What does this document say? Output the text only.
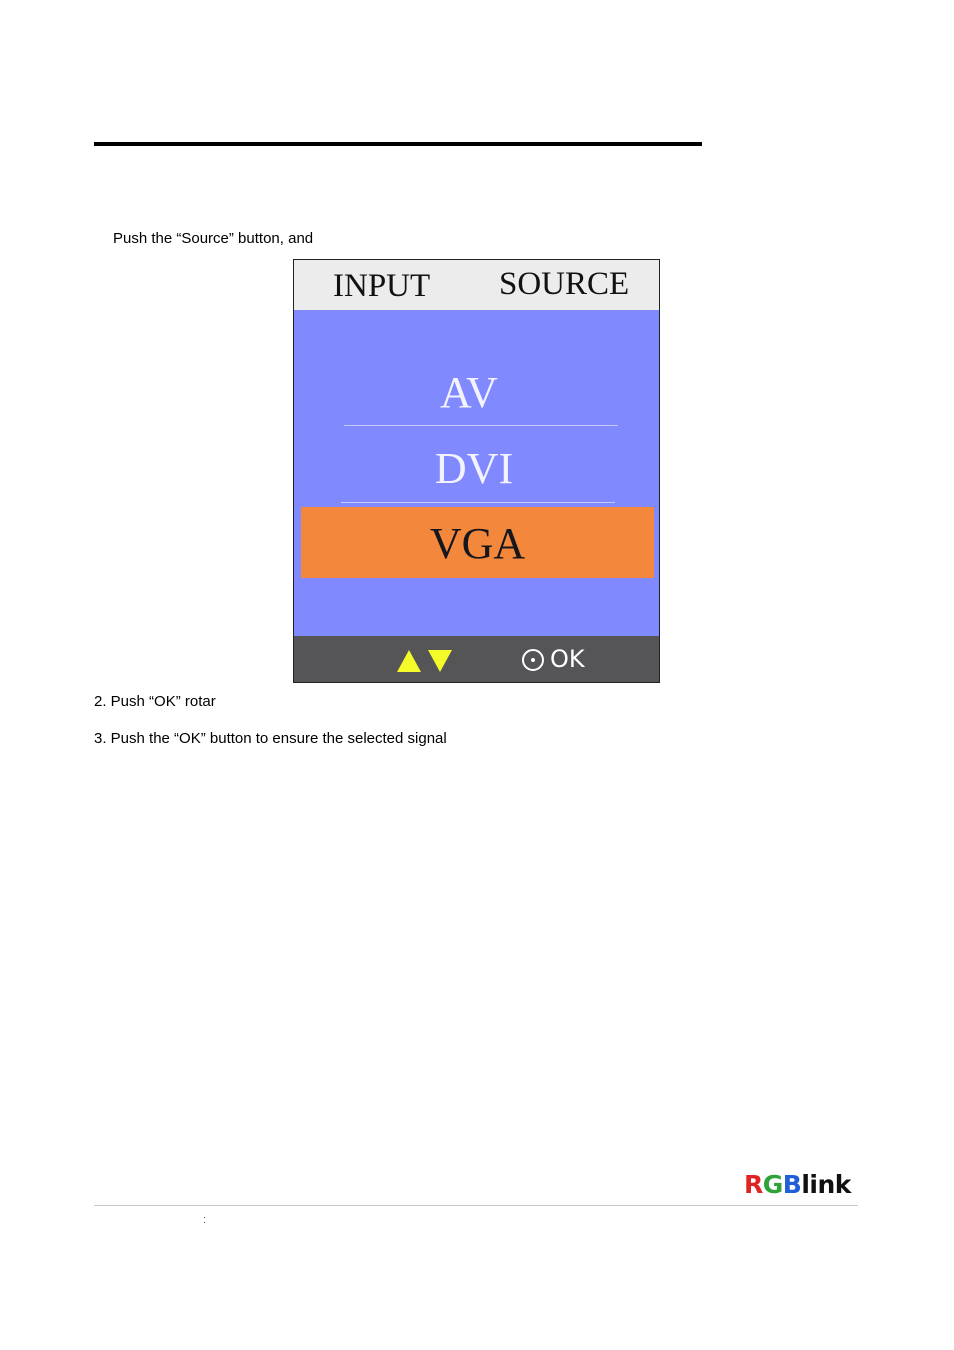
Push the “Source” button, and
INPUT SOURCE
AV
DVI
VGA
OK
2. Push “OK” rotar
3. Push the “OK” button to ensure the selected signal
RGBlink
:
